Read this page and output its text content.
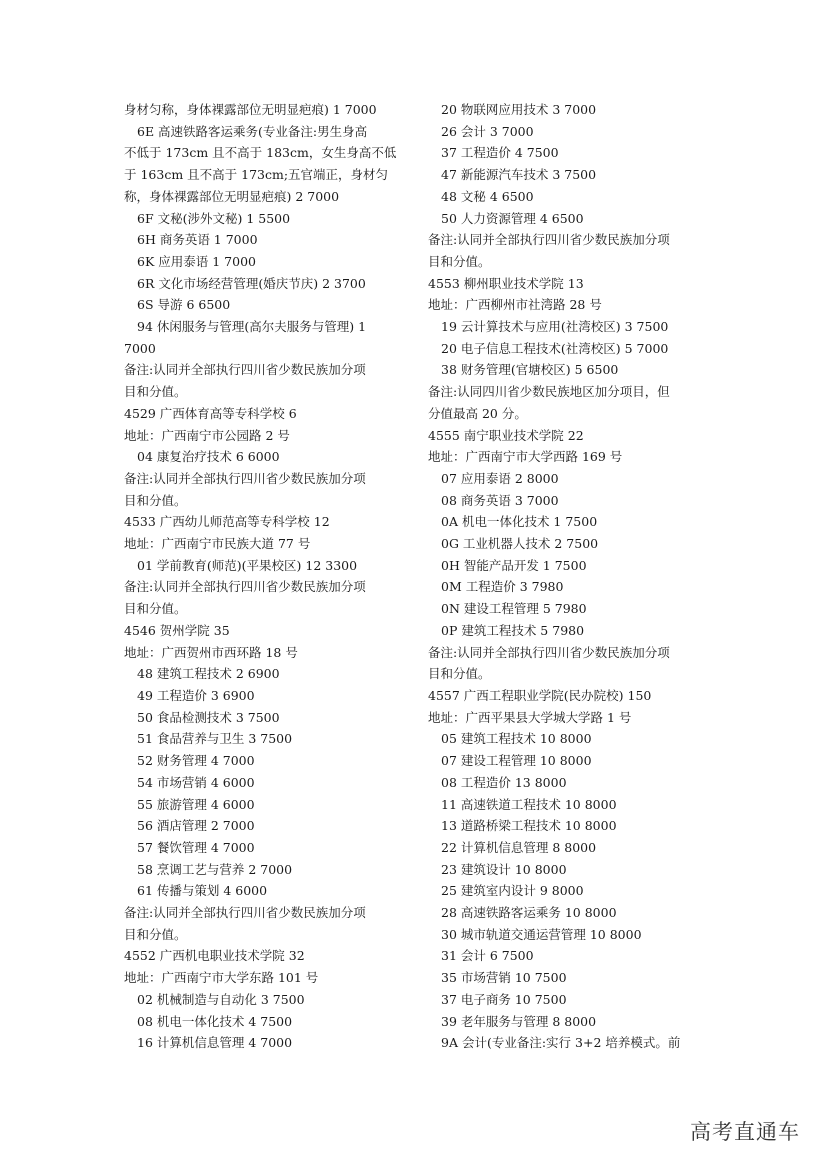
身材匀称，身体裸露部位无明显疤痕) 1 7000
6E 高速铁路客运乘务(专业备注:男生身高
不低于 173cm 且不高于 183cm，女生身高不低
于 163cm 且不高于 173cm;五官端正，身材匀
称，身体裸露部位无明显疤痕) 2 7000
6F 文秘(涉外文秘) 1 5500
6H 商务英语 1 7000
6K 应用泰语 1 7000
6R 文化市场经营管理(婚庆节庆) 2 3700
6S 导游 6 6500
94 休闲服务与管理(高尔夫服务与管理) 1
7000
备注:认同并全部执行四川省少数民族加分项
目和分值。
4529 广西体育高等专科学校 6
地址：广西南宁市公园路 2 号
04 康复治疗技术 6 6000
备注:认同并全部执行四川省少数民族加分项
目和分值。
4533 广西幼儿师范高等专科学校 12
地址：广西南宁市民族大道 77 号
01 学前教育(师范)(平果校区) 12 3300
备注:认同并全部执行四川省少数民族加分项
目和分值。
4546 贺州学院 35
地址：广西贺州市西环路 18 号
48 建筑工程技术 2 6900
49 工程造价 3 6900
50 食品检测技术 3 7500
51 食品营养与卫生 3 7500
52 财务管理 4 7000
54 市场营销 4 6000
55 旅游管理 4 6000
56 酒店管理 2 7000
57 餐饮管理 4 7000
58 烹调工艺与营养 2 7000
61 传播与策划 4 6000
备注:认同并全部执行四川省少数民族加分项
目和分值。
4552 广西机电职业技术学院 32
地址：广西南宁市大学东路 101 号
02 机械制造与自动化 3 7500
08 机电一体化技术 4 7500
16 计算机信息管理 4 7000
20 物联网应用技术 3 7000
26 会计 3 7000
37 工程造价 4 7500
47 新能源汽车技术 3 7500
48 文秘 4 6500
50 人力资源管理 4 6500
备注:认同并全部执行四川省少数民族加分项
目和分值。
4553 柳州职业技术学院 13
地址：广西柳州市社湾路 28 号
19 云计算技术与应用(社湾校区) 3 7500
20 电子信息工程技术(社湾校区) 5 7000
38 财务管理(官塘校区) 5 6500
备注:认同四川省少数民族地区加分项目，但
分值最高 20 分。
4555 南宁职业技术学院 22
地址：广西南宁市大学西路 169 号
07 应用泰语 2 8000
08 商务英语 3 7000
0A 机电一体化技术 1 7500
0G 工业机器人技术 2 7500
0H 智能产品开发 1 7500
0M 工程造价 3 7980
0N 建设工程管理 5 7980
0P 建筑工程技术 5 7980
备注:认同并全部执行四川省少数民族加分项
目和分值。
4557 广西工程职业学院(民办院校) 150
地址：广西平果县大学城大学路 1 号
05 建筑工程技术 10 8000
07 建设工程管理 10 8000
08 工程造价 13 8000
11 高速铁道工程技术 10 8000
13 道路桥梁工程技术 10 8000
22 计算机信息管理 8 8000
23 建筑设计 10 8000
25 建筑室内设计 9 8000
28 高速铁路客运乘务 10 8000
30 城市轨道交通运营管理 10 8000
31 会计 6 7500
35 市场营销 10 7500
37 电子商务 10 7500
39 老年服务与管理 8 8000
9A 会计(专业备注:实行 3+2 培养模式。前
高考直通车
